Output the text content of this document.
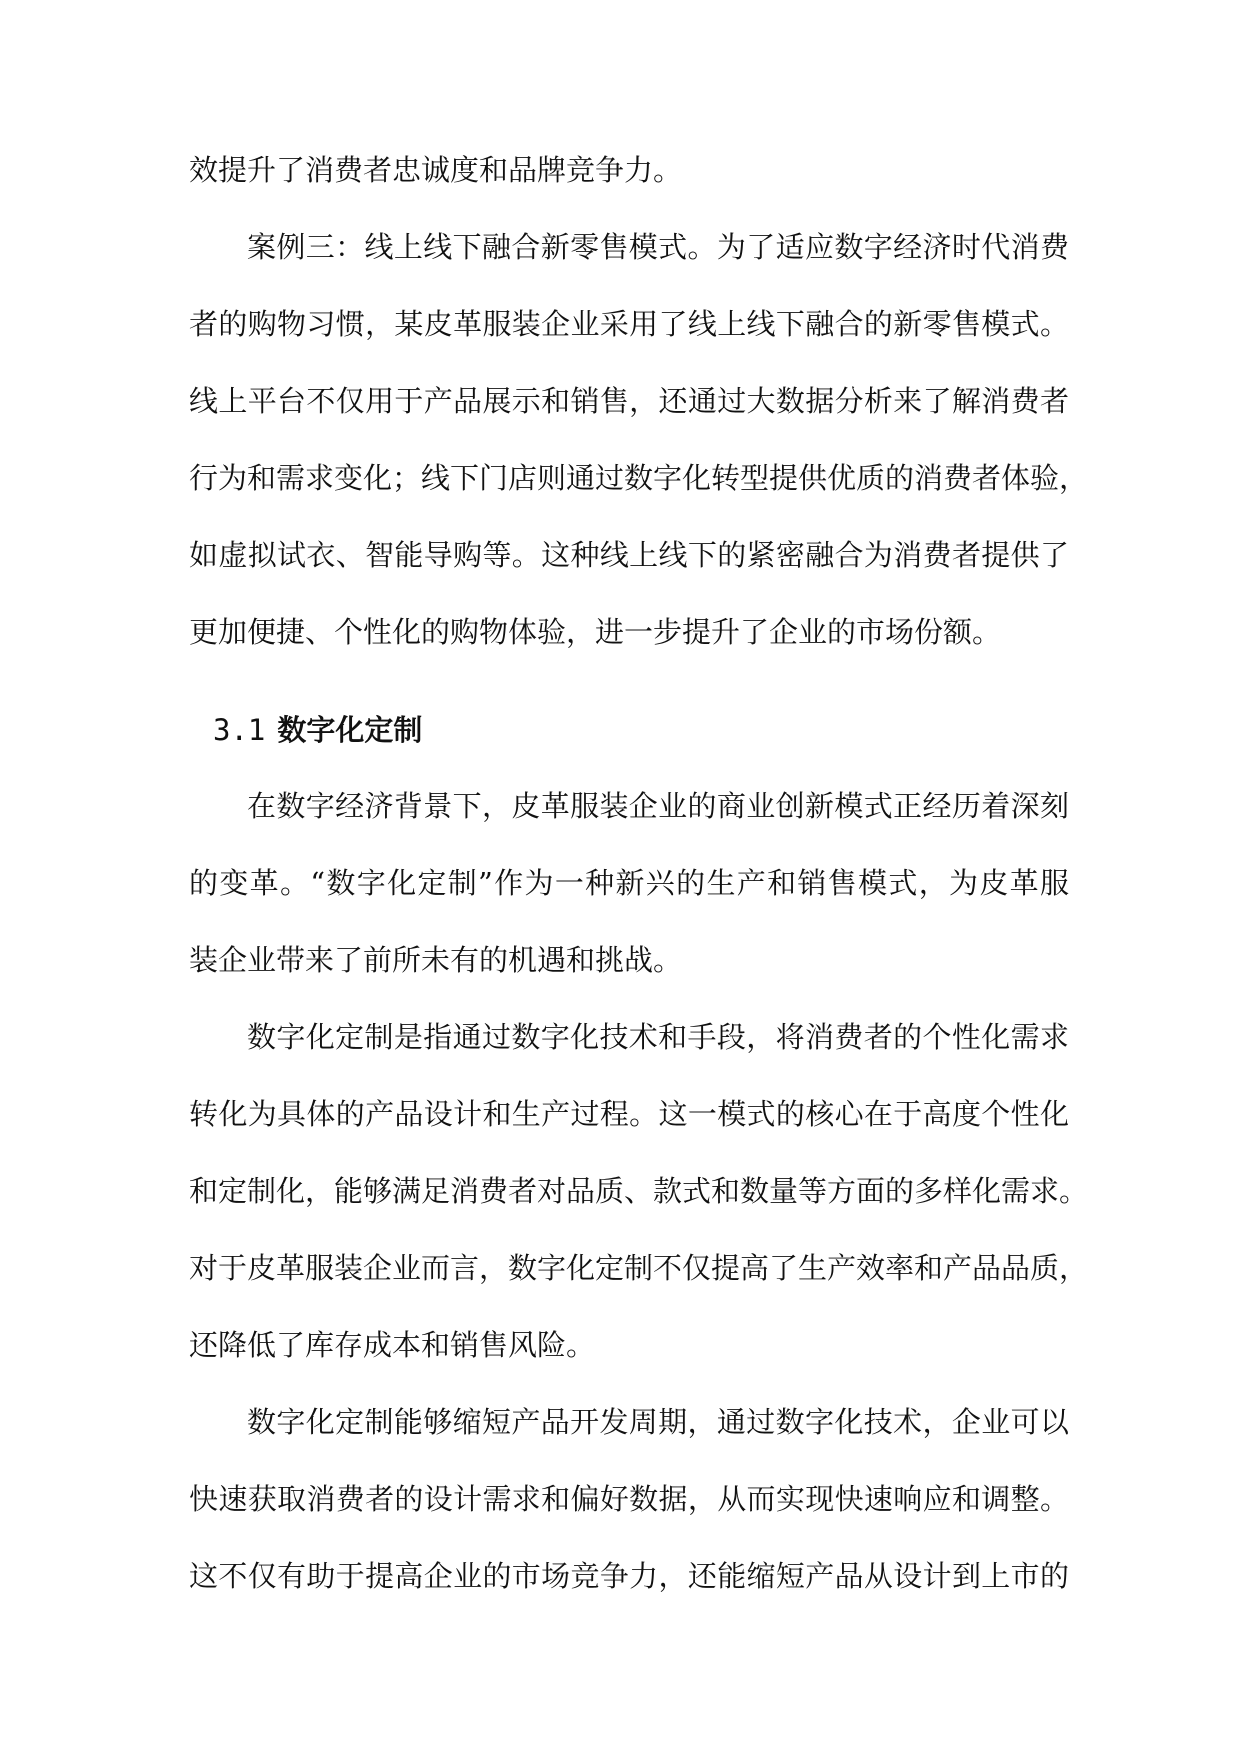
效提升了消费者忠诚度和品牌竞争力。
案例三：线上线下融合新零售模式。为了适应数字经济时代消费
者的购物习惯，某皮革服装企业采用了线上线下融合的新零售模式。
线上平台不仅用于产品展示和销售，还通过大数据分析来了解消费者
行为和需求变化；线下门店则通过数字化转型提供优质的消费者体验，
如虚拟试衣、智能导购等。这种线上线下的紧密融合为消费者提供了
更加便捷、个性化的购物体验，进一步提升了企业的市场份额。
3.1 数字化定制
在数字经济背景下，皮革服装企业的商业创新模式正经历着深刻
的变革。“数字化定制”作为一种新兴的生产和销售模式，为皮革服
装企业带来了前所未有的机遇和挑战。
数字化定制是指通过数字化技术和手段，将消费者的个性化需求
转化为具体的产品设计和生产过程。这一模式的核心在于高度个性化
和定制化，能够满足消费者对品质、款式和数量等方面的多样化需求。
对于皮革服装企业而言，数字化定制不仅提高了生产效率和产品品质，
还降低了库存成本和销售风险。
数字化定制能够缩短产品开发周期，通过数字化技术，企业可以
快速获取消费者的设计需求和偏好数据，从而实现快速响应和调整。
这不仅有助于提高企业的市场竞争力，还能缩短产品从设计到上市的
